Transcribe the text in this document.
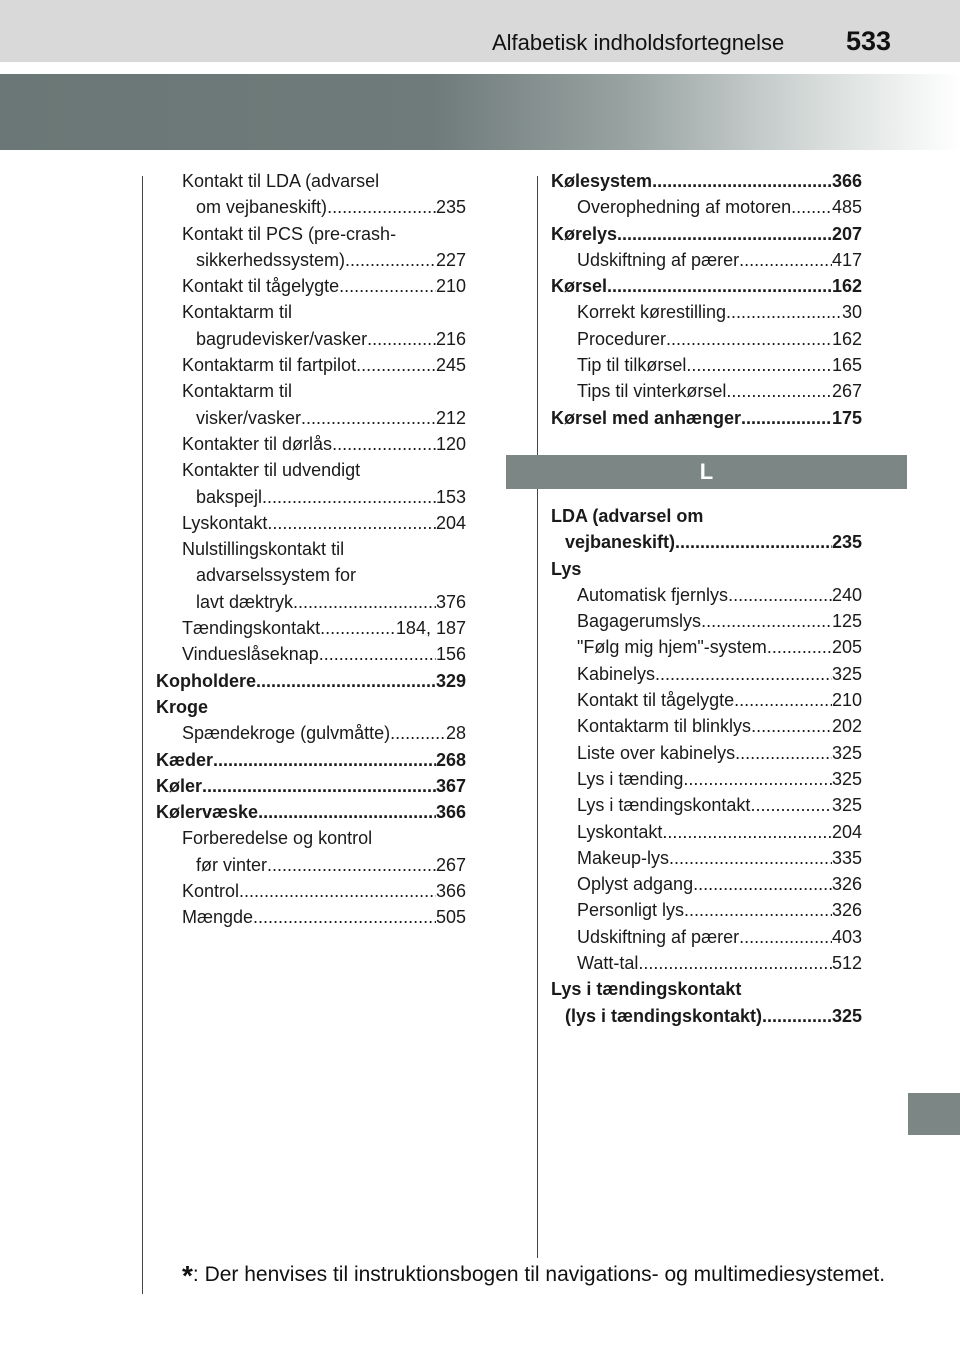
Alfabetisk indholdsfortegnelse 533
Kontakt til LDA (advarsel
om vejbaneskift) .....	235
Kontakt til PCS (pre-crash-
sikkerhedssystem) .....	227
Kontakt til tågelygte .....	210
Kontaktarm til
bagrudevisker/vasker .....	216
Kontaktarm til fartpilot .....	245
Kontaktarm til
visker/vasker .....	212
Kontakter til dørlås .....	120
Kontakter til udvendigt
bakspejl .....	153
Lyskontakt .....	204
Nulstillingskontakt til
advarselssystem for
lavt dæktryk .....	376
Tændingskontakt .....	184, 187
Vindueslåseknap .....	156
Kopholdere .....	329
Kroge
Spændekroge (gulvmåtte) .....	28
Kæder .....	268
Køler .....	367
Kølervæske .....	366
Forberedelse og kontrol
før vinter .....	267
Kontrol .....	366
Mængde .....	505
Kølesystem .....	366
Overophedning af motoren ..... 485
Kørelys .....	207
Udskiftning af pærer .....	417
Kørsel .....	162
Korrekt kørestilling .....	30
Procedurer .....	162
Tip til tilkørsel .....	165
Tips til vinterkørsel .....	267
Kørsel med anhænger .....	175
L
LDA (advarsel om
vejbaneskift) .....	235
Lys
Automatisk fjernlys .....	240
Bagagerumslys .....	125
"Følg mig hjem"-system .....	205
Kabinelys .....	325
Kontakt til tågelygte .....	210
Kontaktarm til blinklys .....	202
Liste over kabinelys .....	325
Lys i tænding .....	325
Lys i tændingskontakt .....	325
Lyskontakt .....	204
Makeup-lys .....	335
Oplyst adgang .....	326
Personligt lys .....	326
Udskiftning af pærer .....	403
Watt-tal .....	512
Lys i tændingskontakt
(lys i tændingskontakt) .....	325
*: Der henvises til instruktionsbogen til navigations- og multimediesystemet.
